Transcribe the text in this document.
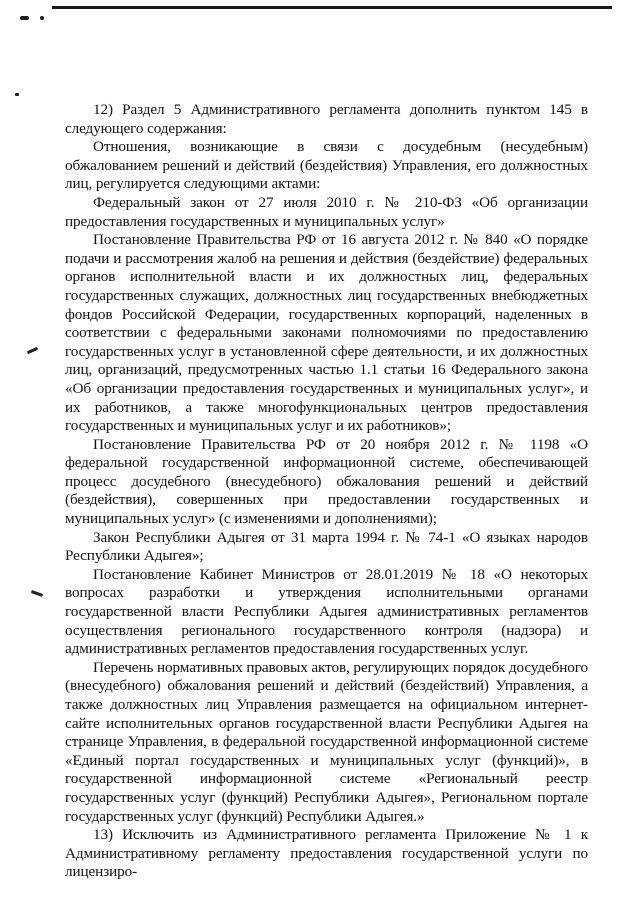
12) Раздел 5 Административного регламента дополнить пунктом 145 в следующего содержания:

Отношения, возникающие в связи с досудебным (несудебным) обжалованием решений и действий (бездействия) Управления, его должностных лиц, регулируется следующими актами:

Федеральный закон от 27 июля 2010 г. № 210-ФЗ «Об организации предоставления государственных и муниципальных услуг»

Постановление Правительства РФ от 16 августа 2012 г. № 840 «О порядке подачи и рассмотрения жалоб на решения и действия (бездействие) федеральных органов исполнительной власти и их должностных лиц, федеральных государственных служащих, должностных лиц государственных внебюджетных фондов Российской Федерации, государственных корпораций, наделенных в соответствии с федеральными законами полномочиями по предоставлению государственных услуг в установленной сфере деятельности, и их должностных лиц, организаций, предусмотренных частью 1.1 статьи 16 Федерального закона «Об организации предоставления государственных и муниципальных услуг», и их работников, а также многофункциональных центров предоставления государственных и муниципальных услуг и их работников»;

Постановление Правительства РФ от 20 ноября 2012 г. № 1198 «О федеральной государственной информационной системе, обеспечивающей процесс досудебного (внесудебного) обжалования решений и действий (бездействия), совершенных при предоставлении государственных и муниципальных услуг» (с изменениями и дополнениями);

Закон Республики Адыгея от 31 марта 1994 г. № 74-1 «О языках народов Республики Адыгея»;

Постановление Кабинет Министров от 28.01.2019 № 18 «О некоторых вопросах разработки и утверждения исполнительными органами государственной власти Республики Адыгея административных регламентов осуществления регионального государственного контроля (надзора) и административных регламентов предоставления государственных услуг.

Перечень нормативных правовых актов, регулирующих порядок досудебного (внесудебного) обжалования решений и действий (бездействий) Управления, а также должностных лиц Управления размещается на официальном интернет-сайте исполнительных органов государственной власти Республики Адыгея на странице Управления, в федеральной государственной информационной системе «Единый портал государственных и муниципальных услуг (функций)», в государственной информационной системе «Региональный реестр государственных услуг (функций) Республики Адыгея», Региональном портале государственных услуг (функций) Республики Адыгея.»

13) Исключить из Административного регламента Приложение № 1 к Административному регламенту предоставления государственной услуги по лицензиро-
